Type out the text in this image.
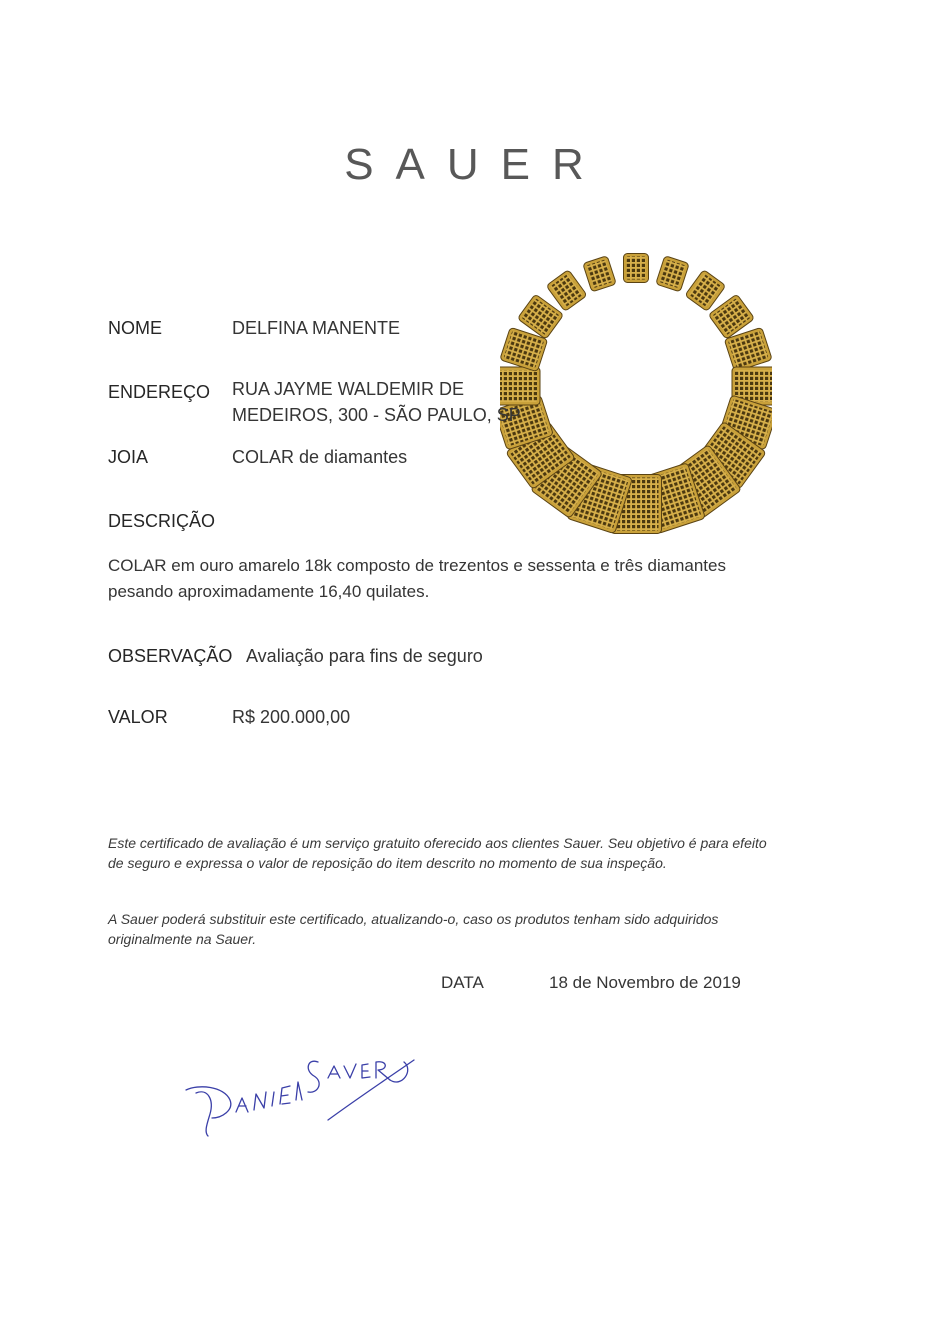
SAUER
NOME	DELFINA MANENTE
ENDEREÇO RUA JAYME WALDEMIR DE
MEDEIROS, 300 - SÃO PAULO, SP
JOIA	COLAR de diamantes
DESCRIÇÃO
COLAR em ouro amarelo 18k composto de trezentos e sessenta e três diamantes pesando aproximadamente 16,40 quilates.
OBSERVAÇÃO Avaliação para fins de seguro
VALOR	R$ 200.000,00
Este certificado de avaliação é um serviço gratuito oferecido aos clientes Sauer. Seu objetivo é para efeito de seguro e expressa o valor de reposição do item descrito no momento de sua inspeção.
A Sauer poderá substituir este certificado, atualizando-o, caso os produtos tenham sido adquiridos originalmente na Sauer.
DATA	18 de Novembro de 2019
